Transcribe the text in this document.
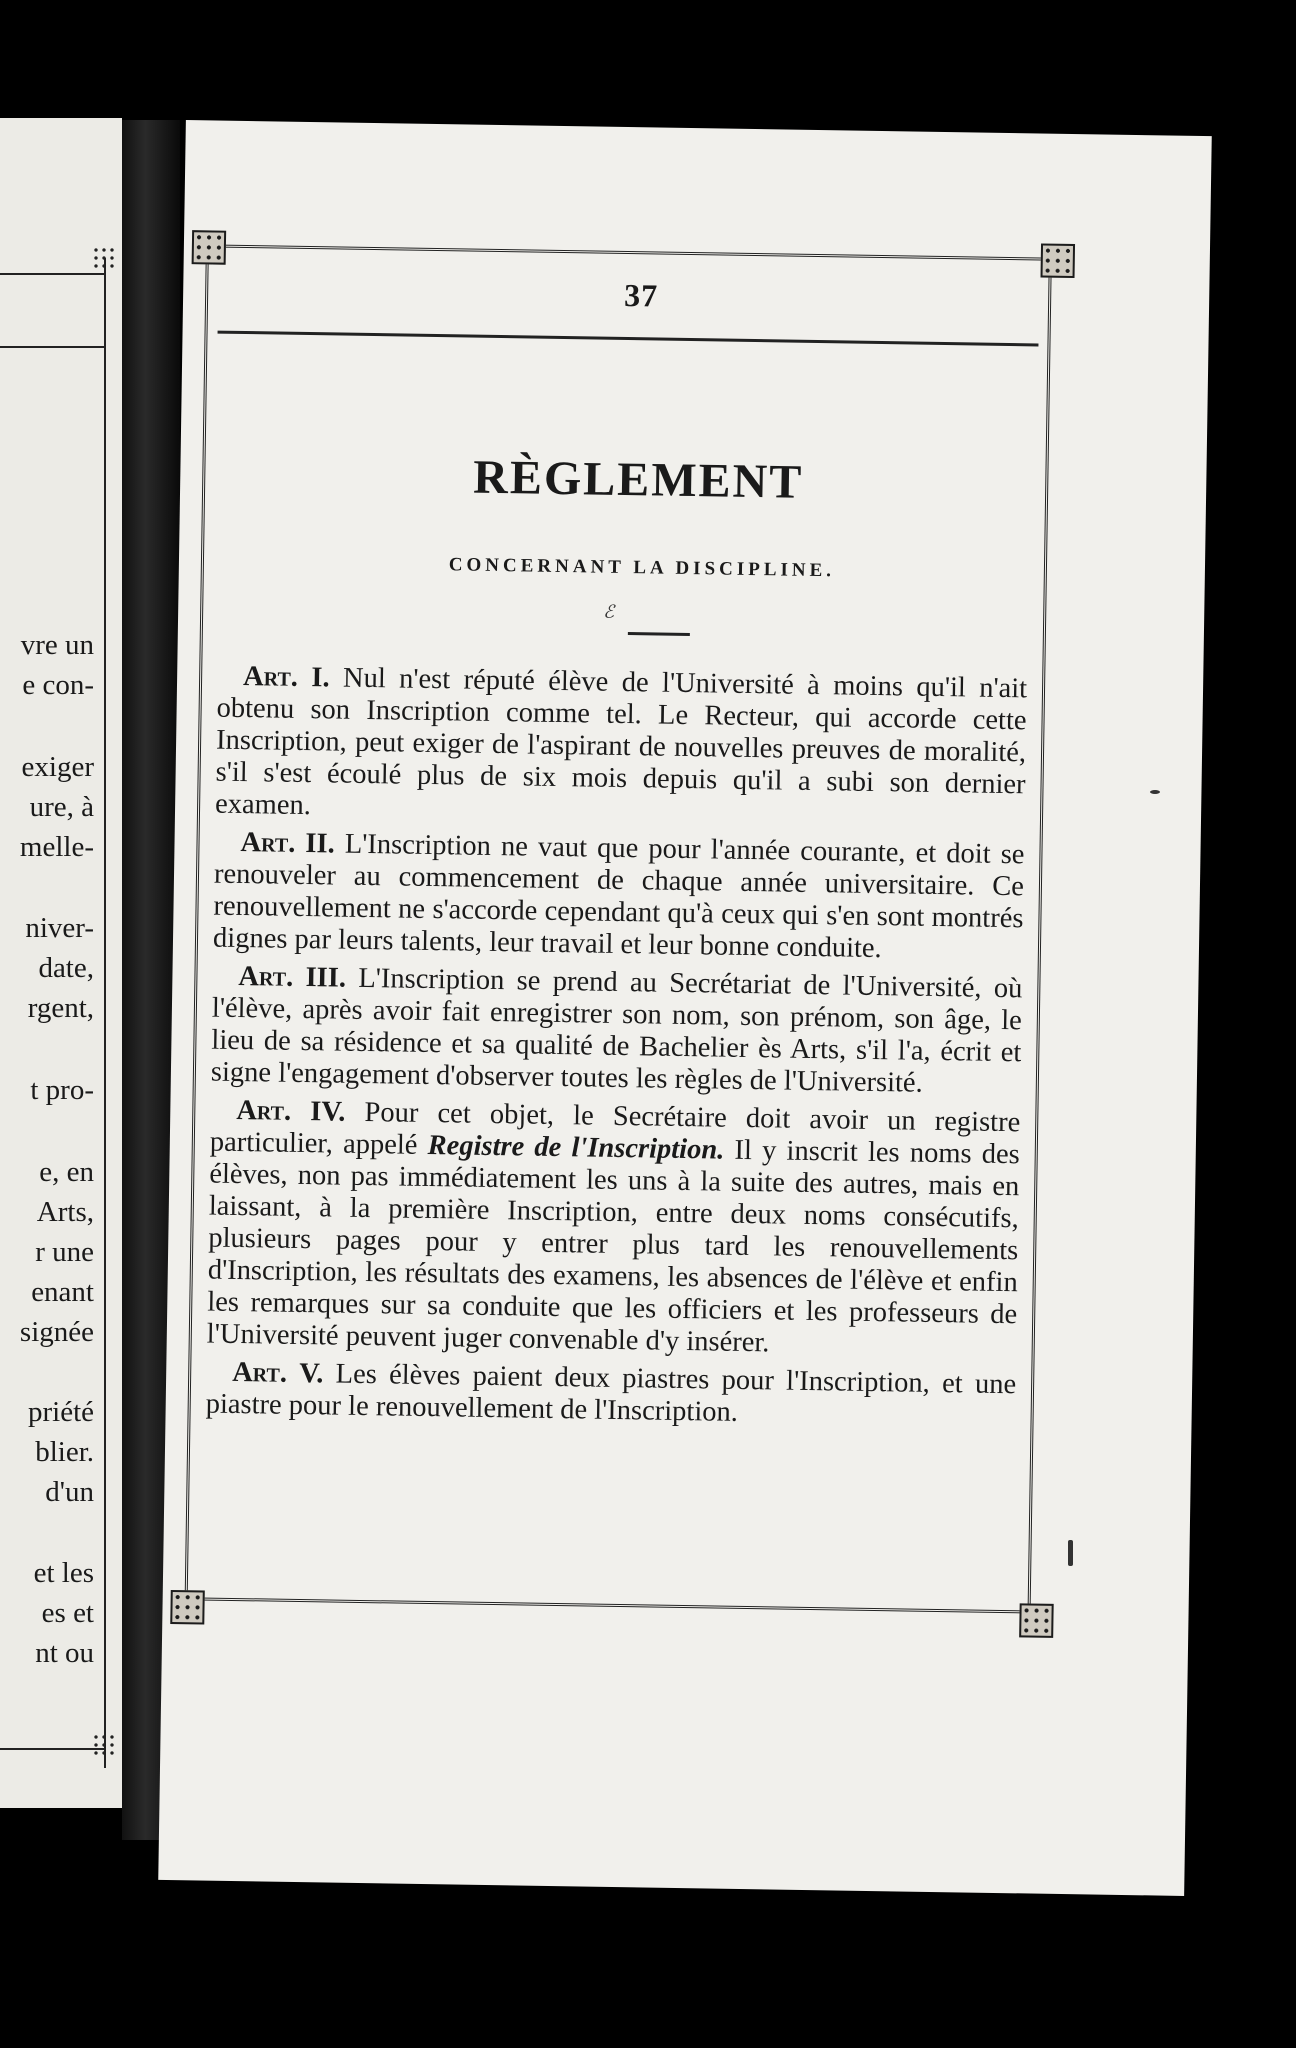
vre un
e con-
exiger
ure, à
melle-
niver-
date,
rgent,
t pro-
e, en
Arts,
r une
enant
signée
priété
blier.
d'un
et les
es et
nt ou
37
RÈGLEMENT
CONCERNANT LA DISCIPLINE.
ℰ

Art. I. Nul n'est réputé élève de l'Université à moins qu'il n'ait obtenu son Inscription comme tel. Le Recteur, qui accorde cette Inscription, peut exiger de l'aspirant de nouvelles preuves de moralité, s'il s'est écoulé plus de six mois depuis qu'il a subi son dernier examen.

Art. II. L'Inscription ne vaut que pour l'année courante, et doit se renouveler au commencement de chaque année universitaire. Ce renouvellement ne s'accorde cependant qu'à ceux qui s'en sont montrés dignes par leurs talents, leur travail et leur bonne conduite.

Art. III. L'Inscription se prend au Secrétariat de l'Université, où l'élève, après avoir fait enregistrer son nom, son prénom, son âge, le lieu de sa résidence et sa qualité de Bachelier ès Arts, s'il l'a, écrit et signe l'engagement d'observer toutes les règles de l'Université.

Art. IV. Pour cet objet, le Secrétaire doit avoir un registre particulier, appelé Registre de l'Inscription. Il y inscrit les noms des élèves, non pas immédiatement les uns à la suite des autres, mais en laissant, à la première Inscription, entre deux noms consécutifs, plusieurs pages pour y entrer plus tard les renouvellements d'Inscription, les résultats des examens, les absences de l'élève et enfin les remarques sur sa conduite que les officiers et les professeurs de l'Université peuvent juger convenable d'y insérer.

Art. V. Les élèves paient deux piastres pour l'Inscription, et une piastre pour le renouvellement de l'Inscription.
